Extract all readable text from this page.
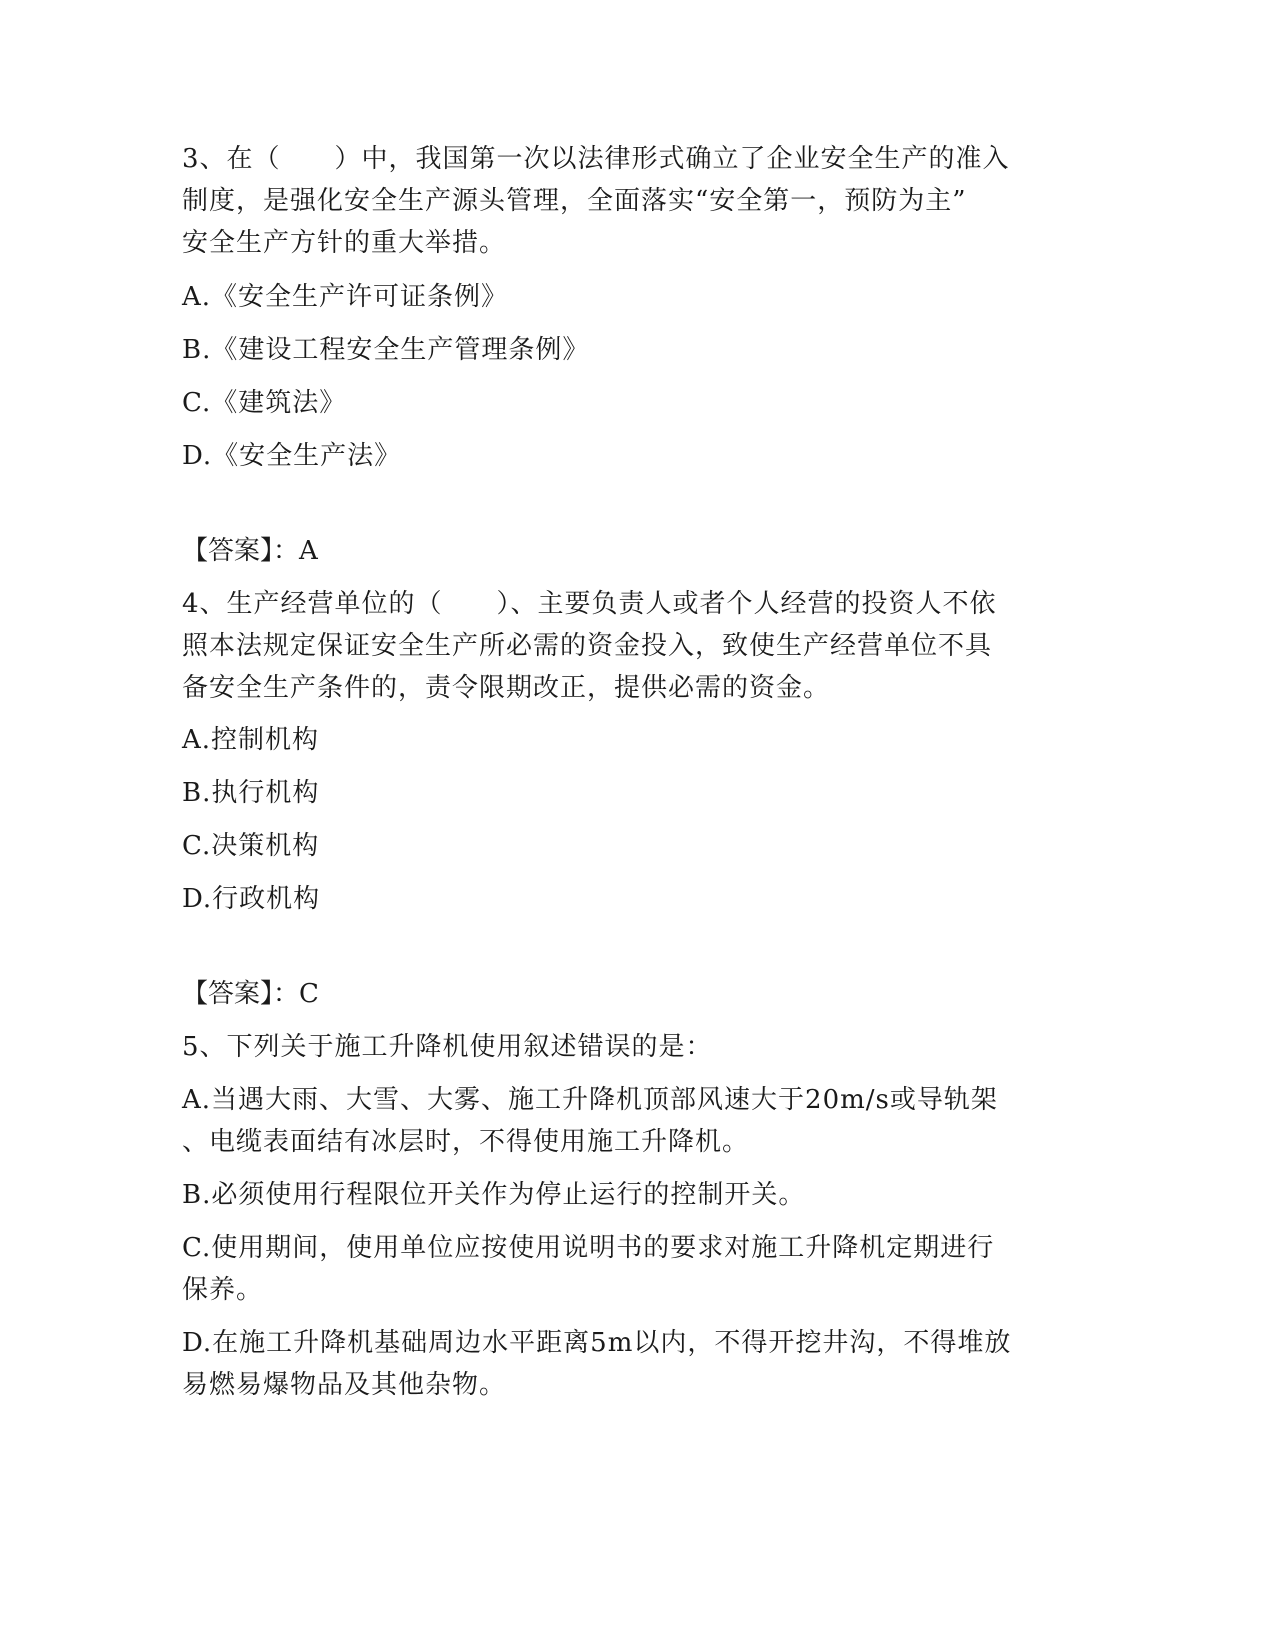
3、在（　　）中，我国第一次以法律形式确立了企业安全生产的准入

制度，是强化安全生产源头管理，全面落实“安全第一，预防为主”

安全生产方针的重大举措。

A.《安全生产许可证条例》

B.《建设工程安全生产管理条例》

C.《建筑法》

D.《安全生产法》

【答案】：A

4、生产经营单位的（　　）、主要负责人或者个人经营的投资人不依

照本法规定保证安全生产所必需的资金投入，致使生产经营单位不具

备安全生产条件的，责令限期改正，提供必需的资金。

A.控制机构

B.执行机构

C.决策机构

D.行政机构

【答案】：C

5、下列关于施工升降机使用叙述错误的是：

A.当遇大雨、大雪、大雾、施工升降机顶部风速大于20m/s或导轨架

、电缆表面结有冰层时，不得使用施工升降机。

B.必须使用行程限位开关作为停止运行的控制开关。

C.使用期间，使用单位应按使用说明书的要求对施工升降机定期进行

保养。

D.在施工升降机基础周边水平距离5m以内，不得开挖井沟，不得堆放

易燃易爆物品及其他杂物。
